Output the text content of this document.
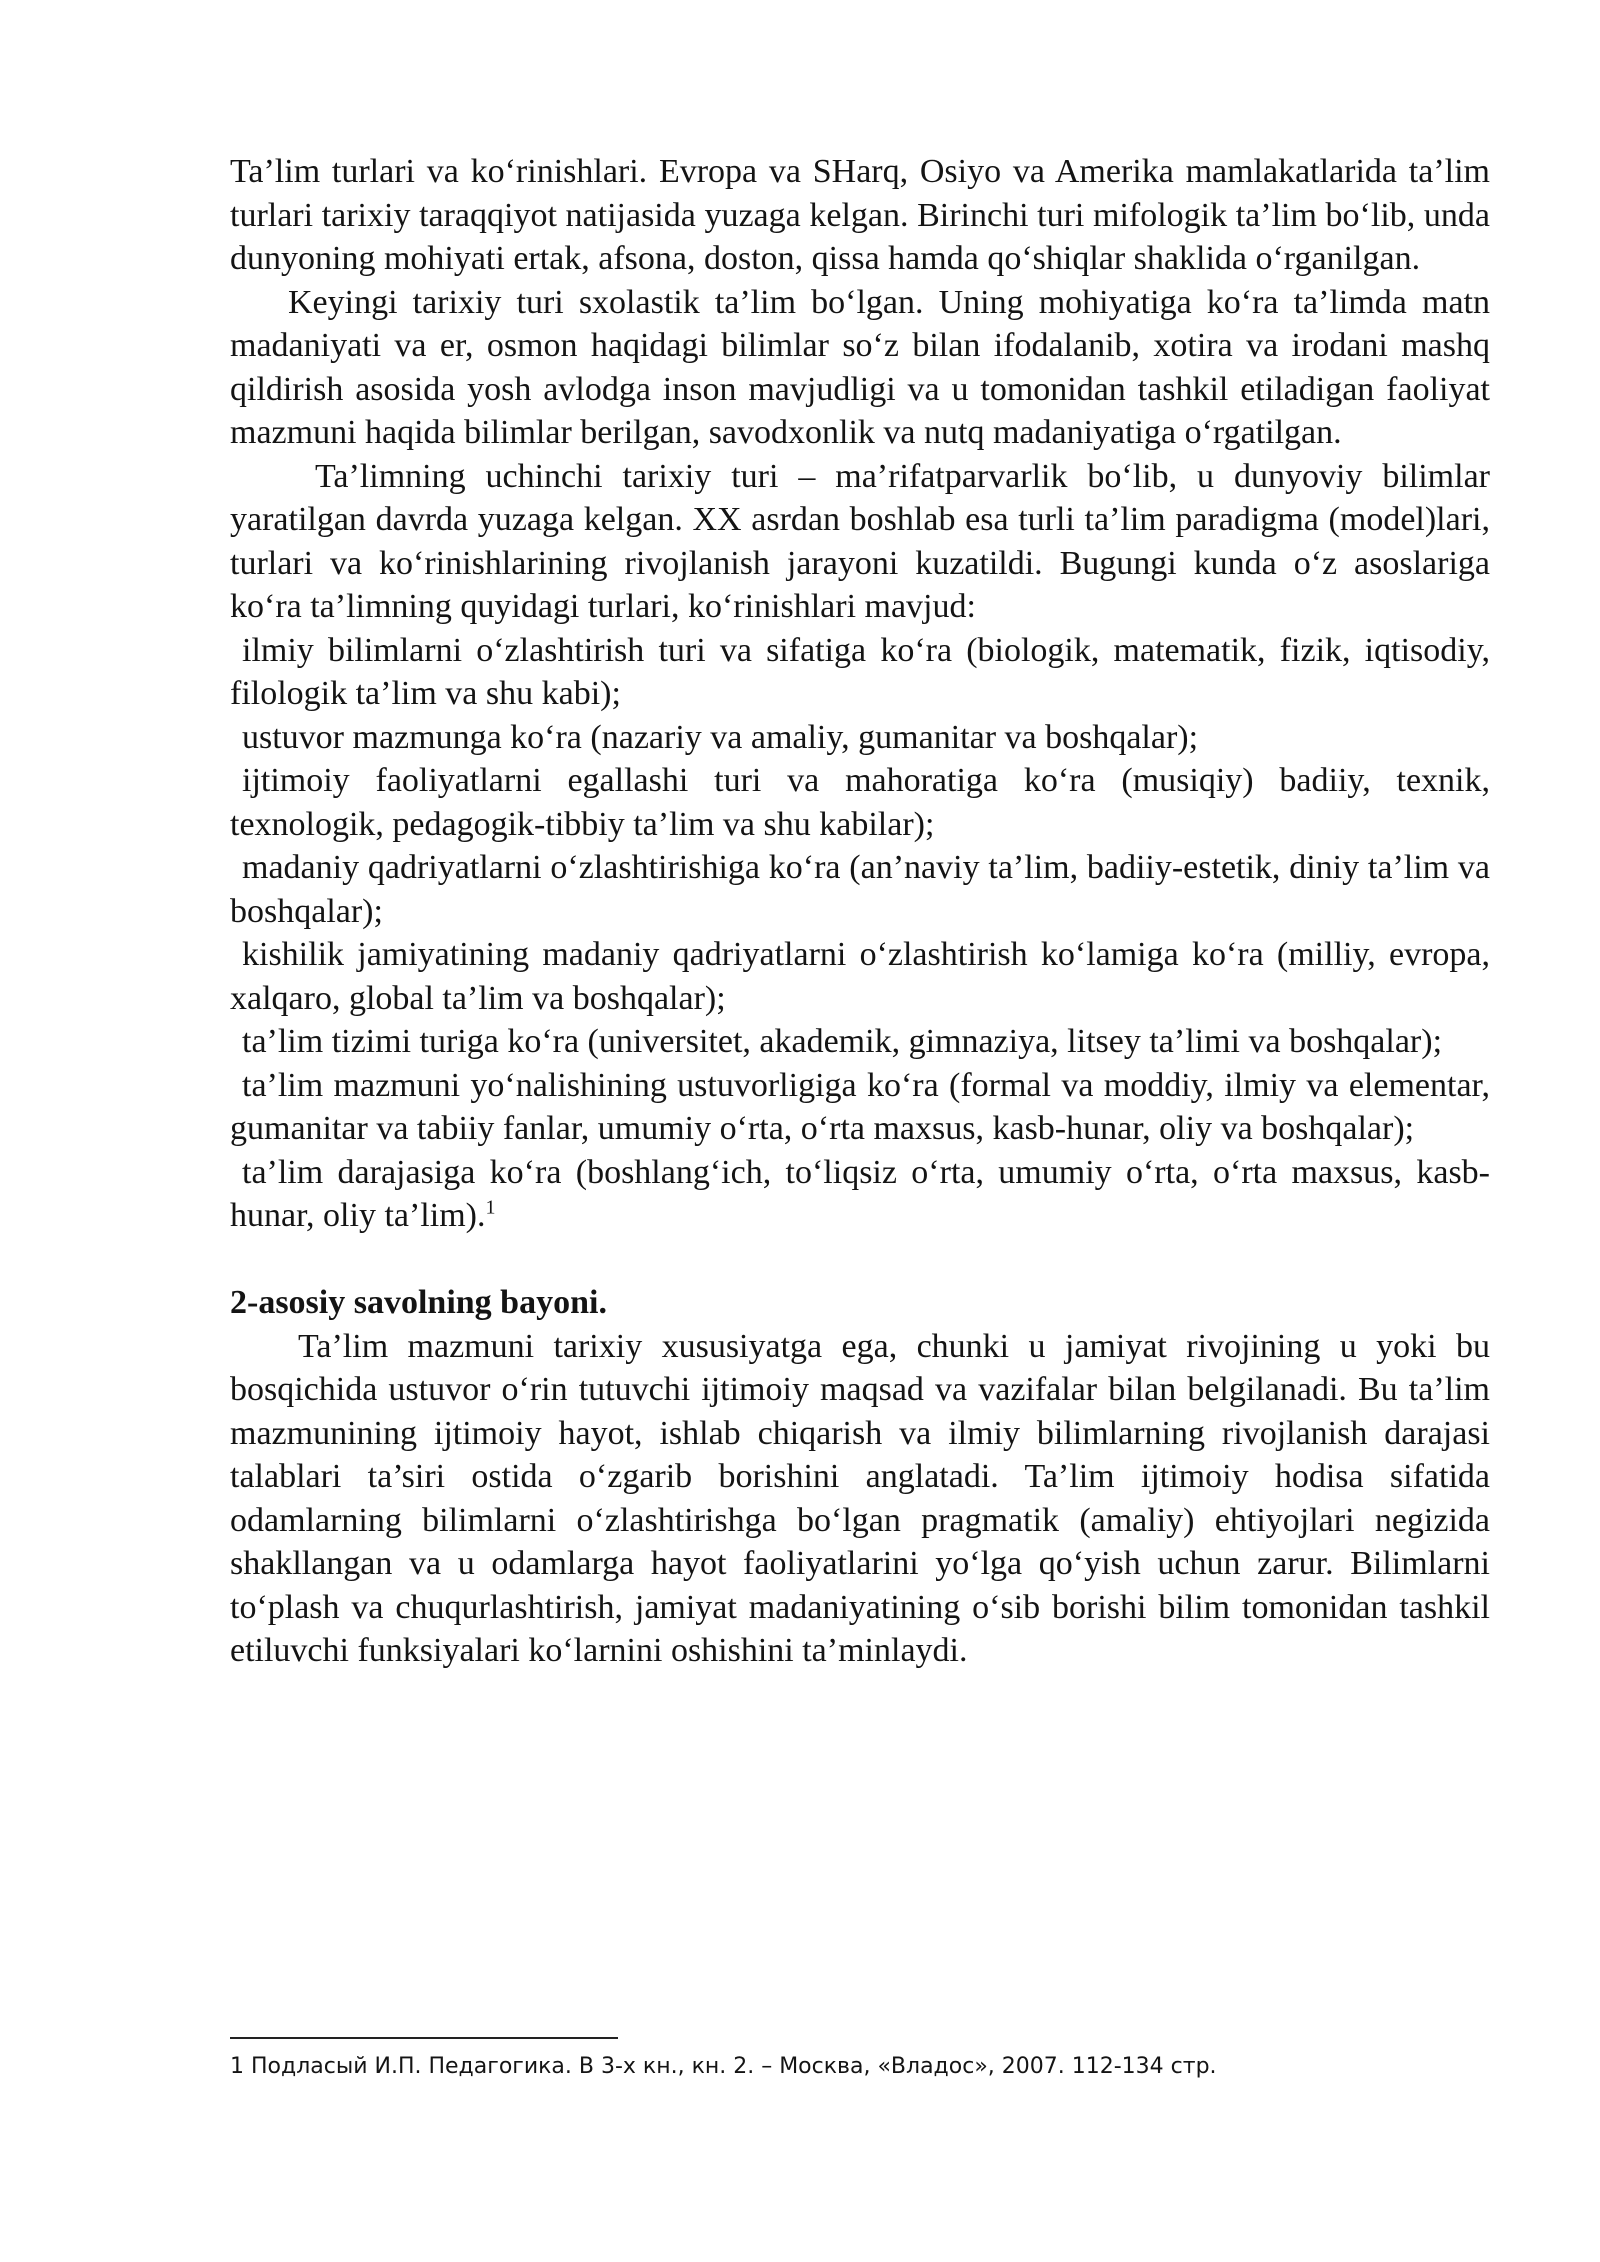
Ta’lim turlari va ko‘rinishlari. Evropa va SHarq, Osiyo va Amerika mamlakatlarida ta’lim turlari tarixiy taraqqiyot natijasida yuzaga kelgan. Birinchi turi mifologik ta’lim bo‘lib, unda dunyoning mohiyati ertak, afsona, doston, qissa hamda qo‘shiqlar shaklida o‘rganilgan.

Keyingi tarixiy turi sxolastik ta’lim bo‘lgan. Uning mohiyatiga ko‘ra ta’limda matn madaniyati va er, osmon haqidagi bilimlar so‘z bilan ifodalanib, xotira va irodani mashq qildirish asosida yosh avlodga inson mavjudligi va u tomonidan tashkil etiladigan faoliyat mazmuni haqida bilimlar berilgan, savodxonlik va nutq madaniyatiga o‘rgatilgan.

Ta’limning uchinchi tarixiy turi – ma’rifatparvarlik bo‘lib, u dunyoviy bilimlar yaratilgan davrda yuzaga kelgan. XX asrdan boshlab esa turli ta’lim paradigma (model)lari, turlari va ko‘rinishlarining rivojlanish jarayoni kuzatildi. Bugungi kunda o‘z asoslariga ko‘ra ta’limning quyidagi turlari, ko‘rinishlari mavjud:

ilmiy bilimlarni o‘zlashtirish turi va sifatiga ko‘ra (biologik, matematik, fizik, iqtisodiy, filologik ta’lim va shu kabi);

ustuvor mazmunga ko‘ra (nazariy va amaliy, gumanitar va boshqalar);

ijtimoiy faoliyatlarni egallashi turi va mahoratiga ko‘ra (musiqiy) badiiy, texnik, texnologik, pedagogik-tibbiy ta’lim va shu kabilar);

madaniy qadriyatlarni o‘zlashtirishiga ko‘ra (an’naviy ta’lim, badiiy-estetik, diniy ta’lim va boshqalar);

kishilik jamiyatining madaniy qadriyatlarni o‘zlashtirish ko‘lamiga ko‘ra (milliy, evropa, xalqaro, global ta’lim va boshqalar);

ta’lim tizimi turiga ko‘ra (universitet, akademik, gimnaziya, litsey ta’limi va boshqalar);

ta’lim mazmuni yo‘nalishining ustuvorligiga ko‘ra (formal va moddiy, ilmiy va elementar, gumanitar va tabiiy fanlar, umumiy o‘rta, o‘rta maxsus, kasb-hunar, oliy va boshqalar);

ta’lim darajasiga ko‘ra (boshlang‘ich, to‘liqsiz o‘rta, umumiy o‘rta, o‘rta maxsus, kasb-hunar, oliy ta’lim).$^1$

2-asosiy savolning bayoni.

Ta’lim mazmuni tarixiy xususiyatga ega, chunki u jamiyat rivojining u yoki bu bosqichida ustuvor o‘rin tutuvchi ijtimoiy maqsad va vazifalar bilan belgilanadi. Bu ta’lim mazmunining ijtimoiy hayot, ishlab chiqarish va ilmiy bilimlarning rivojlanish darajasi talablari ta’siri ostida o‘zgarib borishini anglatadi. Ta’lim ijtimoiy hodisa sifatida odamlarning bilimlarni o‘zlashtirishga bo‘lgan pragmatik (amaliy) ehtiyojlari negizida shakllangan va u odamlarga hayot faoliyatlarini yo‘lga qo‘yish uchun zarur. Bilimlarni to‘plash va chuqurlashtirish, jamiyat madaniyatining o‘sib borishi bilim tomonidan tashkil etiluvchi funksiyalari ko‘larnini oshishini ta’minlaydi.

1 Подласый И.П. Педагогика. В 3-х кн., кн. 2. – Москва, «Владос», 2007. 112-134 стр.
